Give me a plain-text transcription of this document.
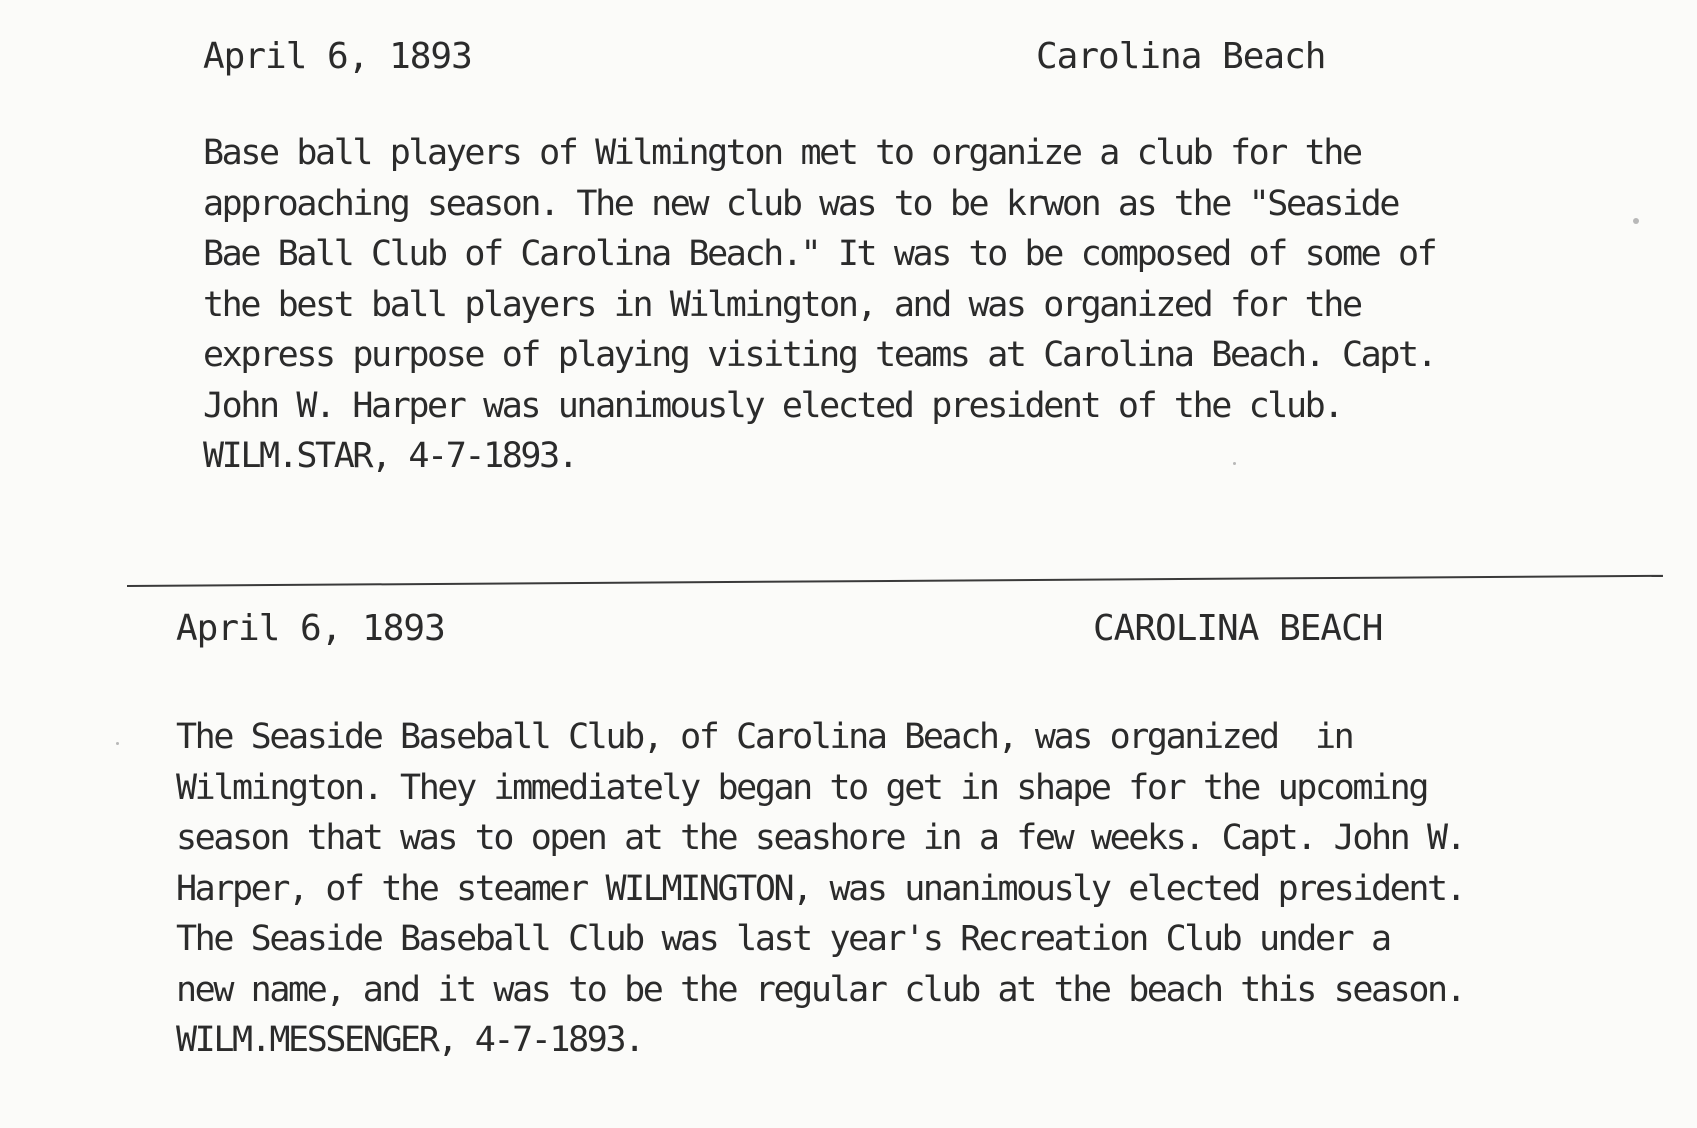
April 6, 1893	Carolina Beach
Base ball players of Wilmington met to organize a club for the
approaching season. The new club was to be krwon as the "Seaside
Bae Ball Club of Carolina Beach." It was to be composed of some of
the best ball players in Wilmington, and was organized for the
express purpose of playing visiting teams at Carolina Beach. Capt.
John W. Harper was unanimously elected president of the club.
WILM.STAR, 4-7-1893.
April 6, 1893	CAROLINA BEACH
The Seaside Baseball Club, of Carolina Beach, was organized  in
Wilmington. They immediately began to get in shape for the upcoming
season that was to open at the seashore in a few weeks. Capt. John W.
Harper, of the steamer WILMINGTON, was unanimously elected president.
The Seaside Baseball Club was last year's Recreation Club under a
new name, and it was to be the regular club at the beach this season.
WILM.MESSENGER, 4-7-1893.
